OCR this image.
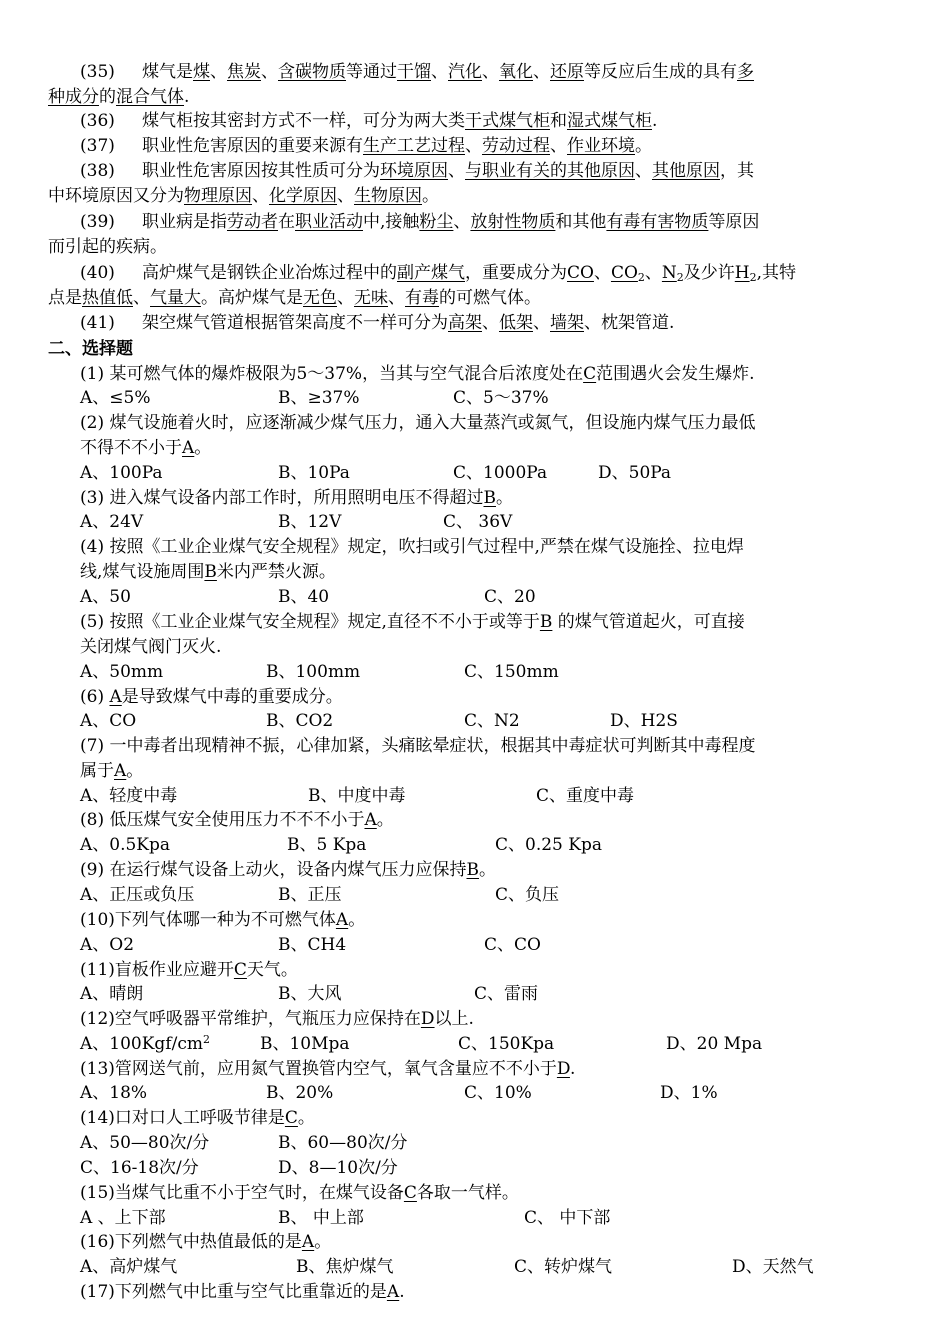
(35) 煤气是煤、焦炭、含碳物质等通过干馏、汽化、氧化、还原等反应后生成的具有多
种成分的混合气体.
(36) 煤气柜按其密封方式不一样，可分为两大类干式煤气柜和湿式煤气柜.
(37) 职业性危害原因的重要来源有生产工艺过程、劳动过程、作业环境。
(38) 职业性危害原因按其性质可分为环境原因、与职业有关的其他原因、其他原因，其
中环境原因又分为物理原因、化学原因、生物原因。
(39) 职业病是指劳动者在职业活动中,接触粉尘、放射性物质和其他有毒有害物质等原因
而引起的疾病。
(40) 高炉煤气是钢铁企业冶炼过程中的副产煤气，重要成分为CO、$CO_2$、$N_2$及少许$H_2$,其特
点是热值低、气量大。高炉煤气是无色、无味、有毒的可燃气体。
(41) 架空煤气管道根据管架高度不一样可分为高架、低架、墙架、枕架管道.
二、选择题
(1) 某可燃气体的爆炸极限为5～37%，当其与空气混合后浓度处在C范围遇火会发生爆炸.
A、≤5%	B、≥37%	C、5～37%
(2) 煤气设施着火时，应逐渐减少煤气压力，通入大量蒸汽或氮气，但设施内煤气压力最低
不得不不小于A。
A、100Pa	B、10Pa	C、1000Pa	D、50Pa
(3) 进入煤气设备内部工作时，所用照明电压不得超过B。
A、24V	B、12V	C、 36V
(4) 按照《工业企业煤气安全规程》规定，吹扫或引气过程中,严禁在煤气设施拴、拉电焊
线,煤气设施周围B米内严禁火源。
A、50	B、40	C、20
(5) 按照《工业企业煤气安全规程》规定,直径不不小于或等于B 的煤气管道起火，可直接
关闭煤气阀门灭火.
A、50mm	B、100mm	C、150mm
(6) A是导致煤气中毒的重要成分。
A、CO	B、CO2	C、N2	D、H2S
(7) 一中毒者出现精神不振，心律加紧，头痛眩晕症状，根据其中毒症状可判断其中毒程度
属于A。
A、轻度中毒	B、中度中毒	C、重度中毒
(8) 低压煤气安全使用压力不不不小于A。
A、0.5Kpa	B、5 Kpa	C、0.25 Kpa
(9) 在运行煤气设备上动火，设备内煤气压力应保持B。
A、正压或负压	B、正压	C、负压
(10)下列气体哪一种为不可燃气体A。
A、O2	B、CH4	C、CO
(11)盲板作业应避开C天气。
A、晴朗	B、大风	C、雷雨
(12)空气呼吸器平常维护，气瓶压力应保持在D以上.
A、$100Kgf/cm^2$	B、10Mpa	C、150Kpa	D、20 Mpa
(13)管网送气前，应用氮气置换管内空气，氧气含量应不不小于D.
A、18%	B、20%	C、10%	D、1%
(14)口对口人工呼吸节律是C。
A、50—80次/分	B、60—80次/分
C、16-18次/分	D、8—10次/分
(15)当煤气比重不小于空气时，在煤气设备C各取一气样。
A 、上下部	B、 中上部	C、 中下部
(16)下列燃气中热值最低的是A。
A、高炉煤气	B、焦炉煤气	C、转炉煤气	D、天然气
(17)下列燃气中比重与空气比重靠近的是A.
